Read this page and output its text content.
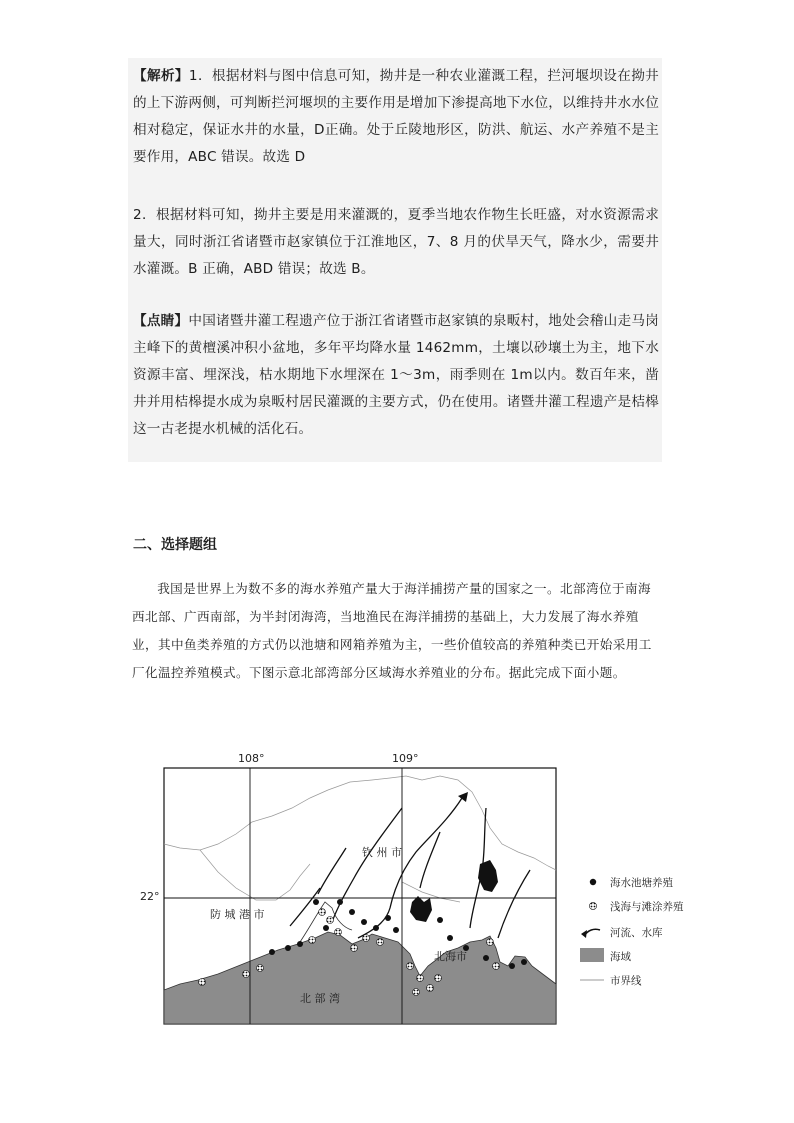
【解析】1．根据材料与图中信息可知，拗井是一种农业灌溉工程，拦河堰坝设在拗井的上下游两侧，可判断拦河堰坝的主要作用是增加下渗提高地下水位，以维持井水水位相对稳定，保证水井的水量，D正确。处于丘陵地形区，防洪、航运、水产养殖不是主要作用，ABC 错误。故选 D

2．根据材料可知，拗井主要是用来灌溉的，夏季当地农作物生长旺盛，对水资源需求量大，同时浙江省诸暨市赵家镇位于江淮地区，7、8 月的伏旱天气，降水少，需要井水灌溉。B 正确，ABD 错误；故选 B。

【点睛】中国诸暨井灌工程遗产位于浙江省诸暨市赵家镇的泉畈村，地处会稽山走马岗主峰下的黄檀溪冲积小盆地，多年平均降水量 1462mm，土壤以砂壤土为主，地下水资源丰富、埋深浅，枯水期地下水埋深在 1～3m，雨季则在 1m以内。数百年来，凿井并用桔槔提水成为泉畈村居民灌溉的主要方式，仍在使用。诸暨井灌工程遗产是桔槔这一古老提水机械的活化石。

二、选择题组

我国是世界上为数不多的海水养殖产量大于海洋捕捞产量的国家之一。北部湾位于南海西北部、广西南部，为半封闭海湾，当地渔民在海洋捕捞的基础上，大力发展了海水养殖业，其中鱼类养殖的方式仍以池塘和网箱养殖为主，一些价值较高的养殖种类已开始采用工厂化温控养殖模式。下图示意北部湾部分区域海水养殖业的分布。据此完成下面小题。

108°	109°
22°
钦 州 市
防 城 港 市
北海市
北 部 湾
海水池塘养殖
浅海与滩涂养殖
河流、水库
海域
市界线
